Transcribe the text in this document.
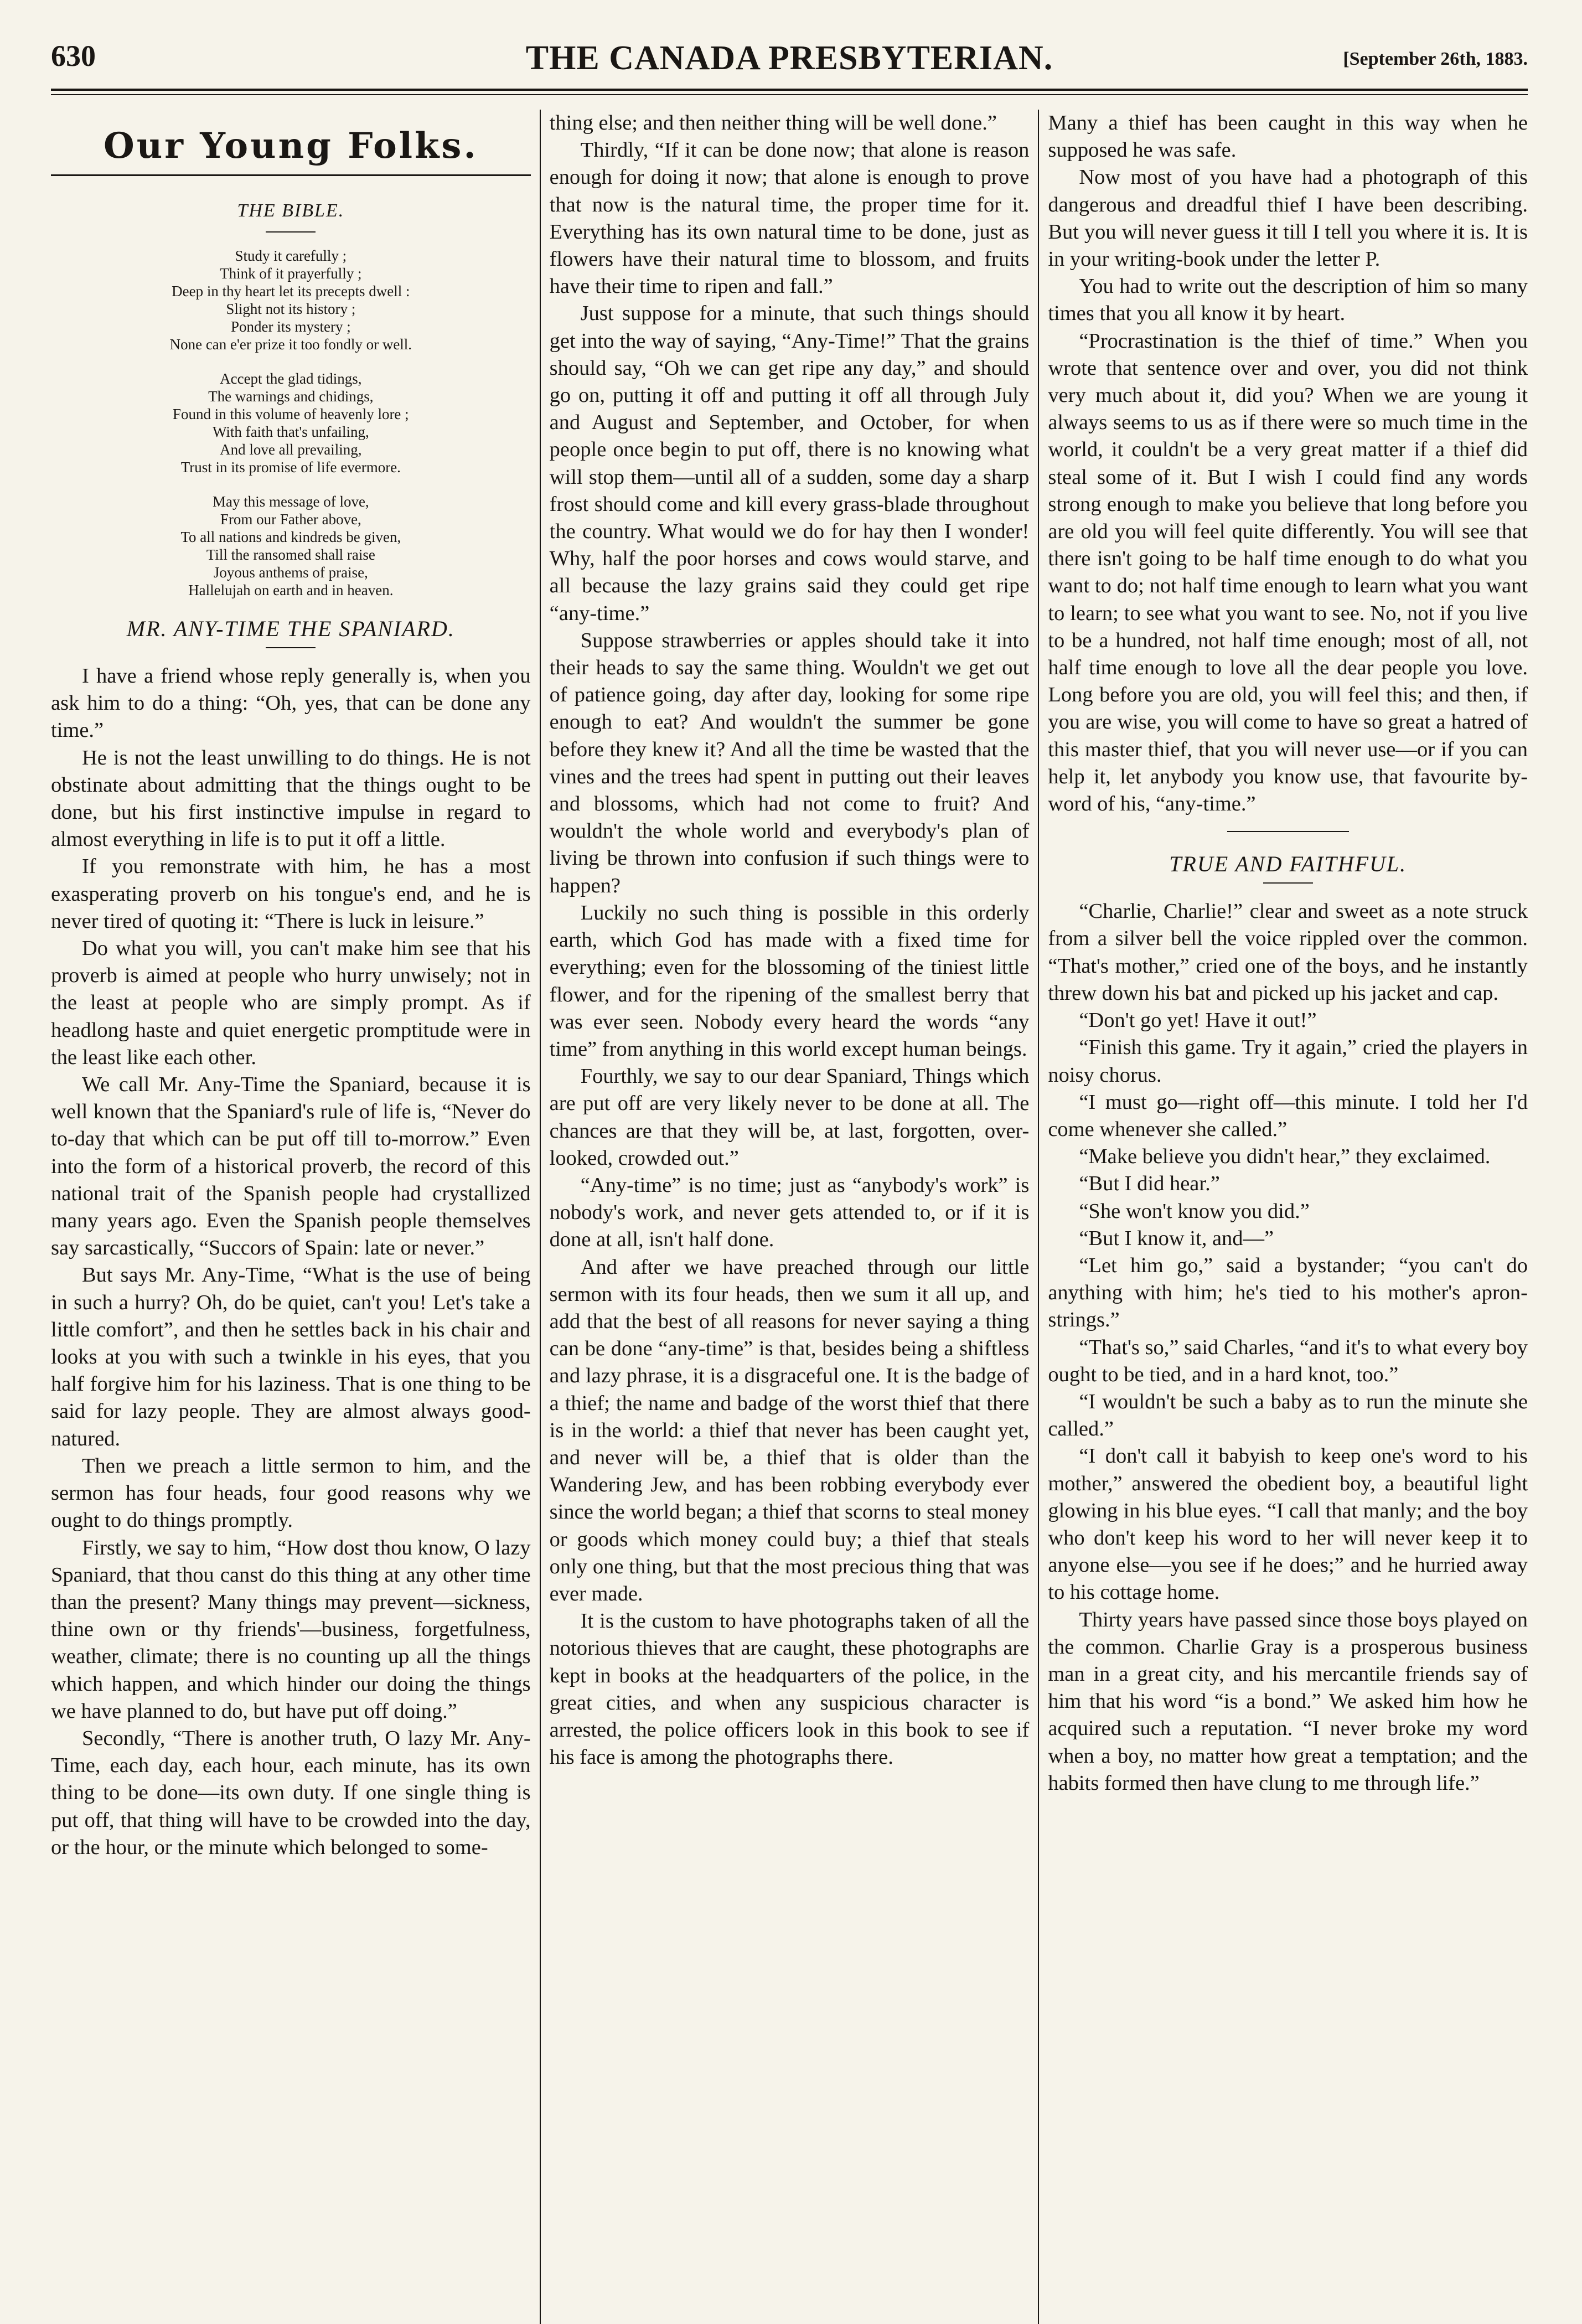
630	THE CANADA PRESBYTERIAN.	[September 26th, 1883.
Our Young Folks.
THE BIBLE.
Study it carefully ;
Think of it prayerfully ;
Deep in thy heart let its precepts dwell :
Slight not its history ;
Ponder its mystery ;
None can e'er prize it too fondly or well.
Accept the glad tidings,
The warnings and chidings,
Found in this volume of heavenly lore ;
With faith that's unfailing,
And love all prevailing,
Trust in its promise of life evermore.
May this message of love,
From our Father above,
To all nations and kindreds be given,
Till the ransomed shall raise
Joyous anthems of praise,
Hallelujah on earth and in heaven.
MR. ANY-TIME THE SPANIARD.

I have a friend whose reply generally is, when you ask him to do a thing: “Oh, yes, that can be done any time.”

He is not the least unwilling to do things. He is not obstinate about admitting that the things ought to be done, but his first instinctive impulse in regard to almost everything in life is to put it off a little.

If you remonstrate with him, he has a most exasperating proverb on his tongue's end, and he is never tired of quoting it: “There is luck in leisure.”

Do what you will, you can't make him see that his proverb is aimed at people who hurry unwisely; not in the least at people who are simply prompt. As if headlong haste and quiet energetic promptitude were in the least like each other.

We call Mr. Any-Time the Spaniard, because it is well known that the Spaniard's rule of life is, “Never do to-day that which can be put off till to-morrow.” Even into the form of a historical proverb, the record of this national trait of the Spanish people had crystallized many years ago. Even the Spanish people themselves say sarcastically, “Succors of Spain: late or never.”

But says Mr. Any-Time, “What is the use of being in such a hurry? Oh, do be quiet, can't you! Let's take a little comfort”, and then he settles back in his chair and looks at you with such a twinkle in his eyes, that you half forgive him for his laziness. That is one thing to be said for lazy people. They are almost always good-natured.

Then we preach a little sermon to him, and the sermon has four heads, four good reasons why we ought to do things promptly.

Firstly, we say to him, “How dost thou know, O lazy Spaniard, that thou canst do this thing at any other time than the present? Many things may prevent—sickness, thine own or thy friends'—business, forgetfulness, weather, climate; there is no counting up all the things which happen, and which hinder our doing the things we have planned to do, but have put off doing.”

Secondly, “There is another truth, O lazy Mr. Any-Time, each day, each hour, each minute, has its own thing to be done—its own duty. If one single thing is put off, that thing will have to be crowded into the day, or the hour, or the minute which belonged to some-

thing else; and then neither thing will be well done.”

Thirdly, “If it can be done now; that alone is reason enough for doing it now; that alone is enough to prove that now is the natural time, the proper time for it. Everything has its own natural time to be done, just as flowers have their natural time to blossom, and fruits have their time to ripen and fall.”

Just suppose for a minute, that such things should get into the way of saying, “Any-Time!” That the grains should say, “Oh we can get ripe any day,” and should go on, putting it off and putting it off all through July and August and September, and October, for when people once begin to put off, there is no knowing what will stop them—until all of a sudden, some day a sharp frost should come and kill every grass-blade throughout the country. What would we do for hay then I wonder! Why, half the poor horses and cows would starve, and all because the lazy grains said they could get ripe “any-time.”

Suppose strawberries or apples should take it into their heads to say the same thing. Wouldn't we get out of patience going, day after day, looking for some ripe enough to eat? And wouldn't the summer be gone before they knew it? And all the time be wasted that the vines and the trees had spent in putting out their leaves and blossoms, which had not come to fruit? And wouldn't the whole world and everybody's plan of living be thrown into confusion if such things were to happen?

Luckily no such thing is possible in this orderly earth, which God has made with a fixed time for everything; even for the blossoming of the tiniest little flower, and for the ripening of the smallest berry that was ever seen. Nobody every heard the words “any time” from anything in this world except human beings.

Fourthly, we say to our dear Spaniard, Things which are put off are very likely never to be done at all. The chances are that they will be, at last, forgotten, over-looked, crowded out.”

“Any-time” is no time; just as “anybody's work” is nobody's work, and never gets attended to, or if it is done at all, isn't half done.

And after we have preached through our little sermon with its four heads, then we sum it all up, and add that the best of all reasons for never saying a thing can be done “any-time” is that, besides being a shiftless and lazy phrase, it is a disgraceful one. It is the badge of a thief; the name and badge of the worst thief that there is in the world: a thief that never has been caught yet, and never will be, a thief that is older than the Wandering Jew, and has been robbing everybody ever since the world began; a thief that scorns to steal money or goods which money could buy; a thief that steals only one thing, but that the most precious thing that was ever made.

It is the custom to have photographs taken of all the notorious thieves that are caught, these photographs are kept in books at the headquarters of the police, in the great cities, and when any suspicious character is arrested, the police officers look in this book to see if his face is among the photographs there.

Many a thief has been caught in this way when he supposed he was safe.

Now most of you have had a photograph of this dangerous and dreadful thief I have been describing. But you will never guess it till I tell you where it is. It is in your writing-book under the letter P.

You had to write out the description of him so many times that you all know it by heart.

“Procrastination is the thief of time.” When you wrote that sentence over and over, you did not think very much about it, did you? When we are young it always seems to us as if there were so much time in the world, it couldn't be a very great matter if a thief did steal some of it. But I wish I could find any words strong enough to make you believe that long before you are old you will feel quite differently. You will see that there isn't going to be half time enough to do what you want to do; not half time enough to learn what you want to learn; to see what you want to see. No, not if you live to be a hundred, not half time enough; most of all, not half time enough to love all the dear people you love. Long before you are old, you will feel this; and then, if you are wise, you will come to have so great a hatred of this master thief, that you will never use—or if you can help it, let anybody you know use, that favourite by-word of his, “any-time.”

TRUE AND FAITHFUL.

“Charlie, Charlie!” clear and sweet as a note struck from a silver bell the voice rippled over the common. “That's mother,” cried one of the boys, and he instantly threw down his bat and picked up his jacket and cap.

“Don't go yet! Have it out!”

“Finish this game. Try it again,” cried the players in noisy chorus.

“I must go—right off—this minute. I told her I'd come whenever she called.”

“Make believe you didn't hear,” they exclaimed.

“But I did hear.”

“She won't know you did.”

“But I know it, and—”

“Let him go,” said a bystander; “you can't do anything with him; he's tied to his mother's apron-strings.”

“That's so,” said Charles, “and it's to what every boy ought to be tied, and in a hard knot, too.”

“I wouldn't be such a baby as to run the minute she called.”

“I don't call it babyish to keep one's word to his mother,” answered the obedient boy, a beautiful light glowing in his blue eyes. “I call that manly; and the boy who don't keep his word to her will never keep it to anyone else—you see if he does;” and he hurried away to his cottage home.

Thirty years have passed since those boys played on the common. Charlie Gray is a prosperous business man in a great city, and his mercantile friends say of him that his word “is a bond.” We asked him how he acquired such a reputation. “I never broke my word when a boy, no matter how great a temptation; and the habits formed then have clung to me through life.”
